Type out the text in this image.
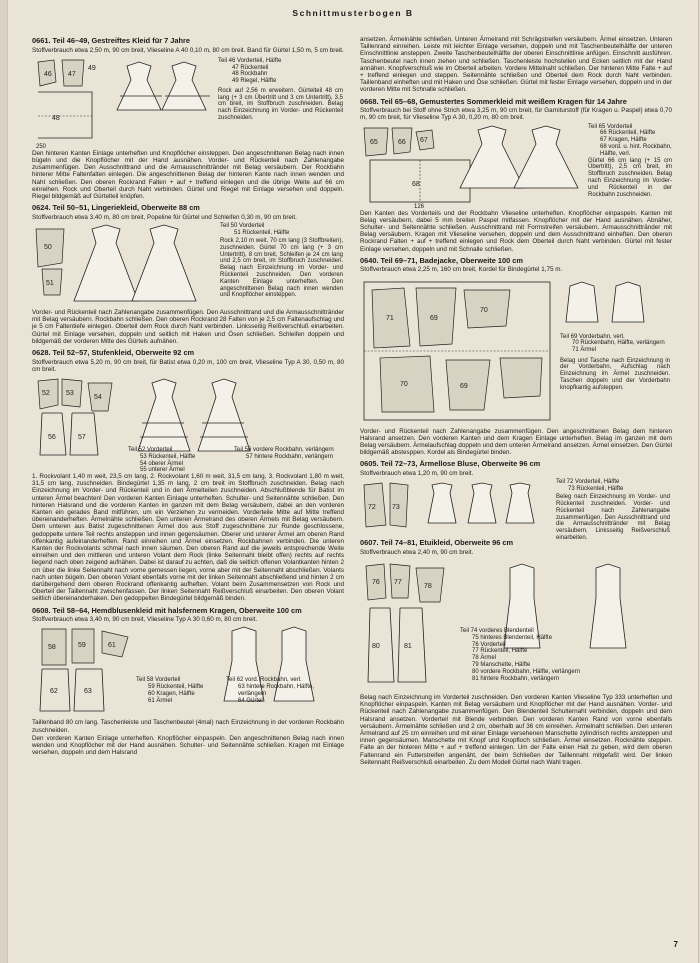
Schnittmusterbogen B
0661. Teil 46–49, Gestreiftes Kleid für 7 Jahre

Stoffverbrauch etwa 2,50 m, 90 cm breit, Vlieseline A 40 0,10 m, 80 cm breit. Band für Gürtel 1,50 m, 5 cm breit.

46 47
49
48
250
Teil 46 Vorderteil, Hälfte
47 Rückenteil
48 Rockbahn
49 Riegel, Hälfte
Rock auf 2,56 m erweitern. Gürtelteil 48 cm lang (+ 3 cm Übertritt und 3 cm Untertritt), 3,5 cm breit, im Stoffbruch zuschneiden. Belag nach Einzeichnung im Vorder- und Rückenteil zuschneiden.

Den hinteren Kanten Einlage unterheften und Knopflöcher einsteppen. Den angeschnittenen Belag nach innen bügeln und die Knopflöcher mit der Hand ausnähen. Vorder- und Rückenteil nach Zahlenangabe zusammenfügen. Den Ausschnittrand und die Armausschnittränder mit Belag versäubern. Der Rockbahn hinterer Mitte Faltenfalten einlegen. Die angeschnittenen Belag der hinteren Kante nach innen wenden und Naht schließen. Den oberen Rockrand Falten + auf + treffend einlegen und die übrige Weite auf 66 cm einreihen. Rock und Oberteil durch Naht verbinden. Gürtel und Riegel mit Einlage versehen und doppeln. Riegel bildgemäß auf Gürtelteil knöpfen.

0624. Teil 50–51, Lingeriekleid, Oberweite 88 cm

Stoffverbrauch etwa 3,40 m, 80 cm breit, Popeline für Gürtel und Schleifen 0,30 m, 90 cm breit.

50
51
Teil 50 Vorderteil
51 Rückenteil, Hälfte
Rock 2,10 m weit, 70 cm lang (3 Stoffbreiten), zuschneiden. Gürtel 70 cm lang (+ 3 cm Untertritt), 8 cm breit, Schleifen je 24 cm lang und 2,5 cm breit, im Stoffbruch zuschneiden. Belag nach Einzeichnung im Vorder- und Rückenteil zuschneiden. Den vorderen Kanten Einlage unterheften. Den angeschnittenen Belag nach innen wenden und Knopflöcher einsteppen.

Vorder- und Rückenteil nach Zahlenangabe zusammenfügen. Den Ausschnittrand und die Armausschnittränder mit Belag versäubern. Rockbahn schließen. Den oberen Rockrand 28 Falten von je 2,5 cm Faltenaufschlag und je 5 cm Faltentiefe einlegen. Oberteil dem Rock durch Naht verbinden. Linksseitig Reißverschluß einarbeiten. Gürtel mit Einlage versehen, doppeln und seitlich mit Haken und Ösen schließen. Schleifen doppeln und bildgemäß der vorderen Mitte des Gürtels aufnähen.

0628. Teil 52–57, Stufenkleid, Oberweite 92 cm

Stoffverbrauch etwa 5,20 m, 90 cm breit, für Batist etwa 0,20 m, 100 cm breit, Vlieseline Typ A 30, 0,50 m, 80 cm breit.

52 53
54
56	57
Teil 52 Vorderteil
53 Rückenteil, Hälfte
54 oberer Ärmel
55 unterer Ärmel
Teil 56 vordere Rockbahn, verlängern
57 hintere Rockbahn, verlängern

1. Rockvolant 1,40 m weit, 23,5 cm lang, 2. Rockvolant 1,60 m weit, 31,5 cm lang, 3. Rockvolant 1,80 m weit, 31,5 cm lang, zuschneiden. Bindegürtel 1,35 m lang, 2 cm breit im Stoffbruch zuschneiden. Belag nach Einzeichnung im Vorder- und Rückenteil und in den Ärmelteilen zuschneiden. Abschlußblende für Batist im unteren Ärmel beachten! Den vorderen Kanten Einlage unterheften. Schulter- und Seitennähte schließen. Den hinteren Halsrand und die vorderen Kanten im ganzen mit dem Belag versäubern, dabei an den vorderen Kanten ein gerades Band mitführen, um ein Verziehen zu vermeiden. Vorderteile Mitte auf Mitte treffend übereinanderheften. Ärmelnähte schließen. Den unteren Ärmelrand des oberen Ärmels mit Belag versäubern. Dem unteren aus Batist zugeschnittenen Ärmel dos aus Stoff zugeschnittene zur Runde geschlossene, gedoppelte untere Teil rechts ansteppen und innen gegensäumen. Oberer und unterer Ärmel am oberen Rand offenkantig aufeinanderheften. Rand einreihen und Ärmel einsetzen. Rockbahnen verbinden. Die unteren Kanten der Rockvolants schmal nach innen säumen. Den oberen Rand auf die jeweils entsprechende Weite einreihen und den mittleren und unteren Volant dem Rock (linke Seitennaht bleibt offen) rechts auf rechts liegend nach oben zeigend aufnähen. Dabei ist darauf zu achten, daß die seitlich offenen Volantkanten hinten 2 cm über die linke Seitennaht nach vorne gemessen liegen, vorne aber mit der Seitennaht abschließen. Volants nach unten bügeln. Den oberen Volant ebenfalls vorne mit der linken Seitennaht abschließend und hinten 2 cm darübergehend dem oberen Rockrand offenkantig aufheften. Volant beim Zusammensetzen von Rock und Oberteil der Taillennaht zwischenfassen. Der linken Seitennaht Reißverschluß einarbeiten. Den oberen Volant seitlich übereinanderhaken. Den gedoppelten Bindegürtel bildgemäß binden.

0608. Teil 58–64, Hemdblusenkleid mit halsfernem Kragen, Oberweite 100 cm

Stoffverbrauch etwa 3,40 m, 90 cm breit, Vlieseline Typ A 30 0,60 m, 80 cm breit.

58	59	61
62	63
Teil 58 Vorderteil
59 Rückenteil, Hälfte
60 Kragen, Hälfte
61 Ärmel
Teil 62 vord. Rockbahn, verl.
63 hintere Rockbahn, Hälfte, verlängern
64 Gürtel

Taillenband 80 cm lang. Taschenleiste und Taschenbeutel (4mal) nach Einzeichnung in der vorderen Rockbahn zuschneiden.

Den vorderen Kanten Einlage unterheften. Knopflöcher einpaspeln. Den angeschnittenen Belag nach innen wenden und Knopflöcher mit der Hand ausnähen. Schulter- und Seitennähte schließen. Kragen mit Einlage versehen, doppeln und dem Halsrand

ansetzen. Ärmelnähte schließen. Unteren Ärmelrand mit Schrägstreifen versäubern. Ärmel einsetzen. Unteren Taillenrand einreihen. Leiste mit leichter Einlage versehen, doppeln und mit Taschenbeutelhälfte der unteren Einschnittlinie ansteppen. Zweite Taschenbeutelhälfte der oberen Einschnittlinie anfügen. Einschnitt ausführen. Taschenbeutel nach innen ziehen und schließen. Taschenleiste hochstellen und Ecken seitlich mit der Hand annähen. Knopfverschluß wie im Oberteil arbeiten. Vordere Mittelnaht schließen. Der hinteren Mitte Falte + auf + treffend einlegen und steppen. Seitennähte schließen und Oberteil dem Rock durch Naht verbinden. Taillenband einheften und mit Haken und Öse schließen. Gürtel mit fester Einlage versehen, doppeln und in der vorderen Mitte mit Schnalle schließen.

0668. Teil 65–68, Gemustertes Sommerkleid mit weißem Kragen für 14 Jahre

Stoffverbrauch bei Stoff ohne Strich etwa 3,25 m, 90 cm breit, für Garniturstoff (für Kragen u. Paspel) etwa 0,70 m, 90 cm breit, für Vlieseline Typ A 30, 0,20 m, 80 cm breit.

65	66 67
68
126
Teil 65 Vorderteil
66 Rückenteil, Hälfte
67 Kragen, Hälfte
68 vord. u. hint. Rockbahn, Hälfte, verl.
Gürtel 66 cm lang (+ 15 cm Übertritt), 2,5 cm breit, im Stoffbruch zuschneiden. Belag nach Einzeichnung im Vorder- und Rückenteil in der Rockbahn zuschneiden.

Den Kanten des Vorderteils und der Rockbahn Vlieseline unterheften. Knopflöcher einpaspeln. Kanten mit Belag versäubern, dabei 5 mm breiten Paspel mitfassen. Knopflöcher mit der Hand ausnähen. Abnäher, Schulter- und Seitennähte schließen. Ausschnittrand mit Formstreifen versäubern. Armausschnittränder mit Belag versäubern. Kragen mit Vlieseline versehen, doppeln und dem Ausschnittrand einheften. Den oberen Rockrand Falten + auf + treffend einlegen und Rock dem Oberteil durch Naht verbinden. Gürtel mit fester Einlage versehen, doppeln und mit Schnalle schließen.

0640. Teil 69–71, Badejacke, Oberweite 100 cm

Stoffverbrauch etwa 2,25 m, 160 cm breit, Kordel für Bindegürtel 1,75 m.

71	69
70
70	69
Teil 69 Vorderbahn, verl.
70 Rückenbahn, Hälfte, verlängern
71 Ärmel
Belag und Tasche nach Einzeichnung in der Vorderbahn, Aufschlag nach Einzeichnung im Ärmel zuschneiden. Taschen doppeln und der Vorderbahn knopfkantig aufsteppen.

Vorder- und Rückenteil nach Zahlenangabe zusammenfügen. Den angeschnittenen Belag dem hinteren Halsrand ansetzen. Den vorderen Kanten und dem Kragen Einlage unterheften. Belag im ganzen mit dem Belag versäubern. Ärmelaufschlag doppeln und dem unteren Ärmelrand ansetzen. Ärmel einsetzen. Den Gürtel bildgemäß abstesppen. Kordel als Bindegürtel binden.

0605. Teil 72–73, Ärmellose Bluse, Oberweite 96 cm

Stoffverbrauch etwa 1,20 m, 90 cm breit.

72 73
Teil 72 Vorderteil, Hälfte
73 Rückenteil, Hälfte
Beleg nach Einzeichnung im Vorder- und Rückenteil zuschneiden. Vorder- und Rückenteil nach Zahlenangabe zusammenfügen. Den Ausschnittrand und die Armausschnittränder mit Belag versäubern. Linksseitig Reißverschluß einarbeiten.
0607. Teil 74–81, Etuikleid, Oberweite 96 cm

Stoffverbrauch etwa 2,40 m, 90 cm breit.

76 77
78
80	81
Teil 74 vorderes Blendenteil
75 hinteres Blendenteil, Hälfte
76 Vorderteil
77 Rückenteil, Hälfte
78 Ärmel
79 Manschette, Hälfte
80 vordere Rockbahn, Hälfte, verlängern
81 hintere Rockbahn, verlängern

Belag nach Einzeichnung im Vorderteil zuschneiden. Den vorderen Kanten Vlieseline Typ 333 unterheften und Knopflöcher einpaspeln. Kanten mit Belag versäubern und Knopflöcher mit der Hand ausnähen. Vorder- und Rückenteil nach Zahlenangabe zusammenfügen. Den Blendenteil Schulternaht verbinden, doppeln und dem Halsrand ansetzen. Vorderteil mit Blende verbinden. Den vorderen Kanten Rand von vorne ebenfalls versäubern. Ärmelnähte schließen und 2 cm, oberhalb auf 36 cm einreihen. Ärmelnaht schließen. Den unteren Ärmelrand auf 25 cm einreihen und mit einer Einlage versehenen Manschette zylindrisch rechts ansteppen und innen gegensäumen. Manschette mit Knopf und Knopfloch schließen. Ärmel einsetzen. Rocknähte steppen. Falte an der hinteren Mitte + auf + treffend einlegen. Um der Falte einen Halt zu geben, wird dem oberen Faltenrand ein Futterstreifen angenäht, der beim Schließen der Taillennaht mitgefaßt wird. Der linken Seitennaht Reißverschluß einarbeiten. Zu dem Modell Gürtel nach Wahl tragen.

7
